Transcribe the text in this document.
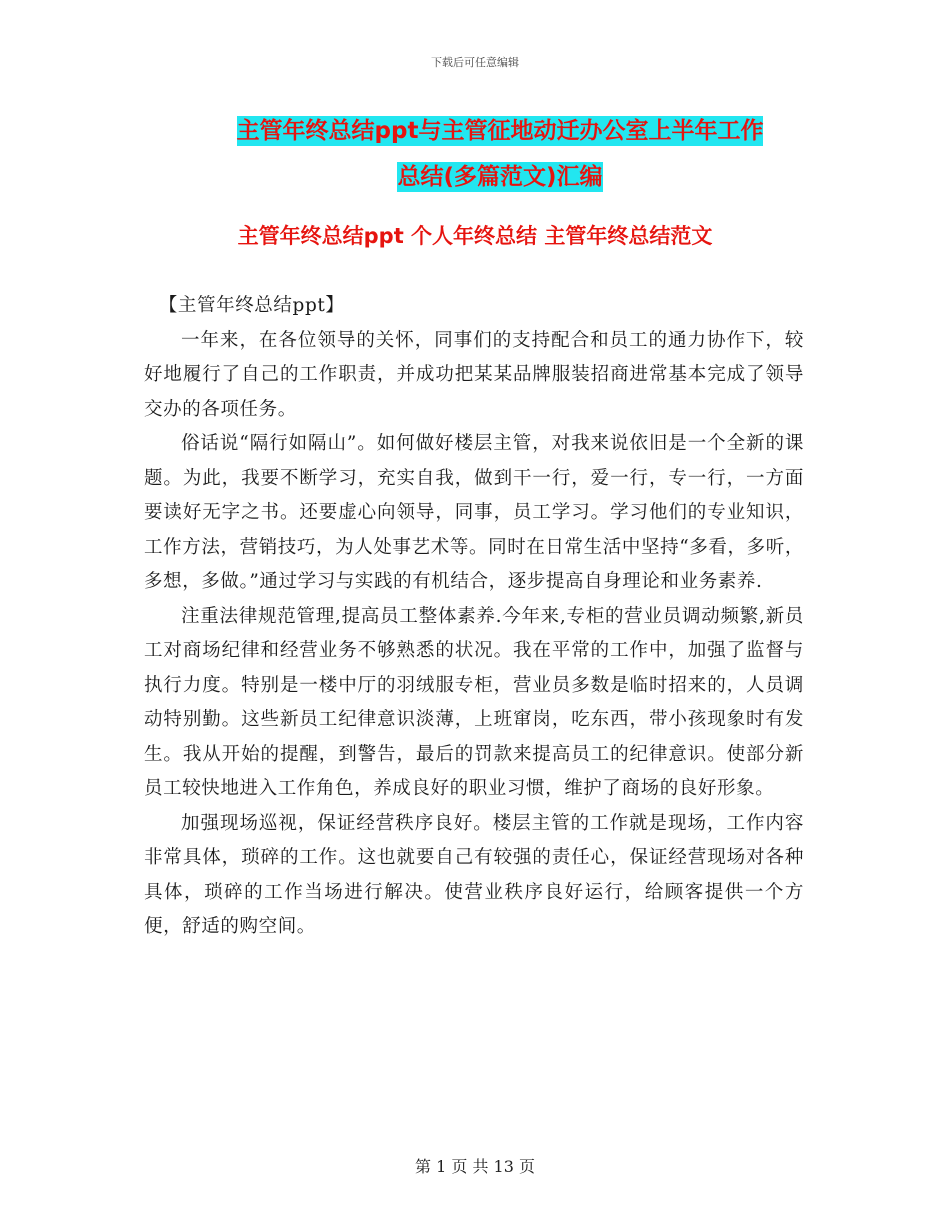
下载后可任意编辑
主管年终总结ppt与主管征地动迁办公室上半年工作
总结(多篇范文)汇编
主管年终总结ppt 个人年终总结 主管年终总结范文

【主管年终总结ppt】

一年来，在各位领导的关怀，同事们的支持配合和员工的通力协作下，较好地履行了自己的工作职责，并成功把某某品牌服装招商进常基本完成了领导交办的各项任务。

俗话说“隔行如隔山”。如何做好楼层主管，对我来说依旧是一个全新的课题。为此，我要不断学习，充实自我，做到干一行，爱一行，专一行，一方面要读好无字之书。还要虚心向领导，同事，员工学习。学习他们的专业知识，工作方法，营销技巧，为人处事艺术等。同时在日常生活中坚持“多看，多听，多想，多做。”通过学习与实践的有机结合，逐步提高自身理论和业务素养.

注重法律规范管理,提高员工整体素养.今年来,专柜的营业员调动频繁,新员工对商场纪律和经营业务不够熟悉的状况。我在平常的工作中，加强了监督与执行力度。特别是一楼中厅的羽绒服专柜，营业员多数是临时招来的，人员调动特别勤。这些新员工纪律意识淡薄，上班窜岗，吃东西，带小孩现象时有发生。我从开始的提醒，到警告，最后的罚款来提高员工的纪律意识。使部分新员工较快地进入工作角色，养成良好的职业习惯，维护了商场的良好形象。

加强现场巡视，保证经营秩序良好。楼层主管的工作就是现场，工作内容非常具体，琐碎的工作。这也就要自己有较强的责任心，保证经营现场对各种具体，琐碎的工作当场进行解决。使营业秩序良好运行，给顾客提供一个方便，舒适的购空间。

第 1 页 共 13 页
